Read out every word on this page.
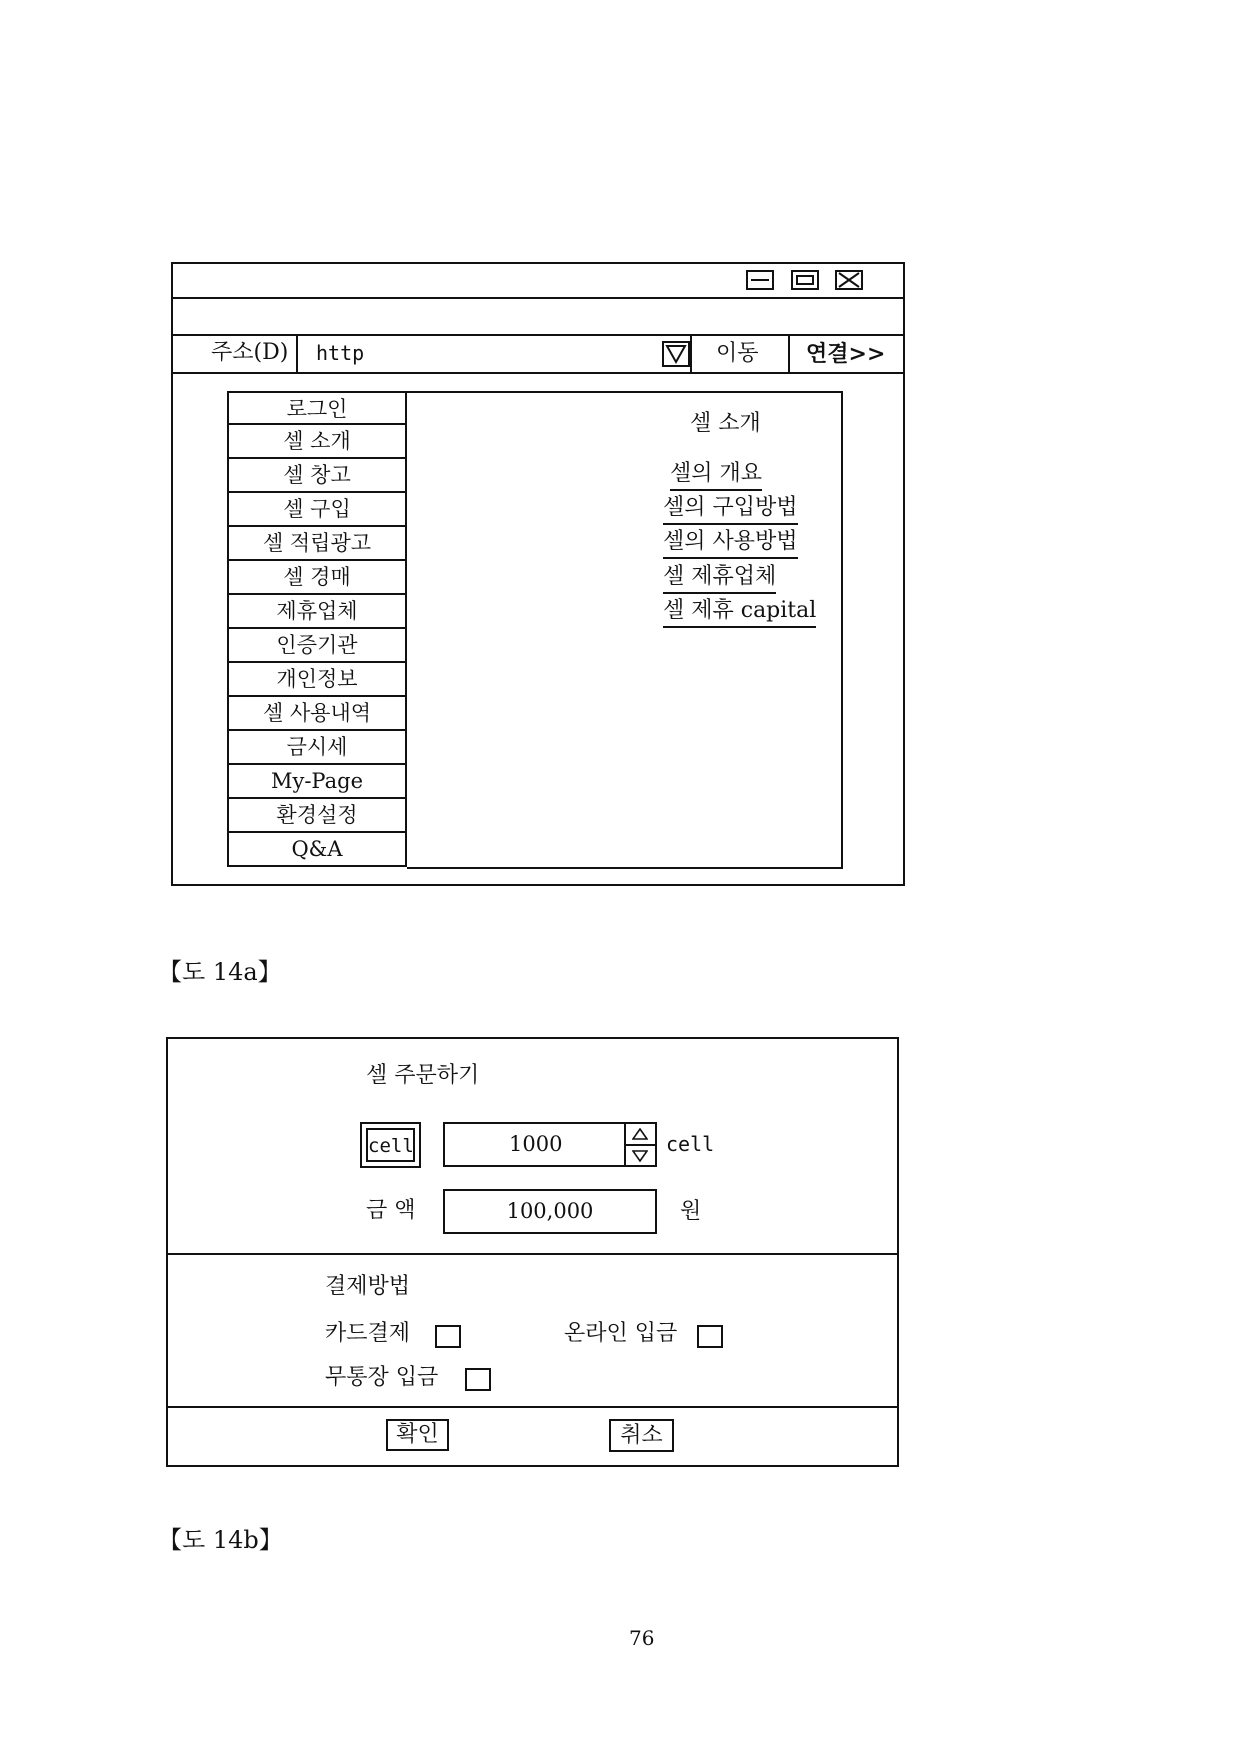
주소(D) http	이동 연결>>
로그인
셀 소개
셀 창고
셀 구입
셀 적립광고
셀 경매
제휴업체
인증기관
개인정보
셀 사용내역
금시세
My-Page
환경설정
Q&A
셀 소개
셀의 개요
셀의 구입방법
셀의 사용방법
셀 제휴업체
셀 제휴 capital
【도 14a】
셀 주문하기
cell	1000	cell
금 액	100,000	원
결제방법
카드결제	온라인 입금
무통장 입금
확인	취소
【도 14b】
76
